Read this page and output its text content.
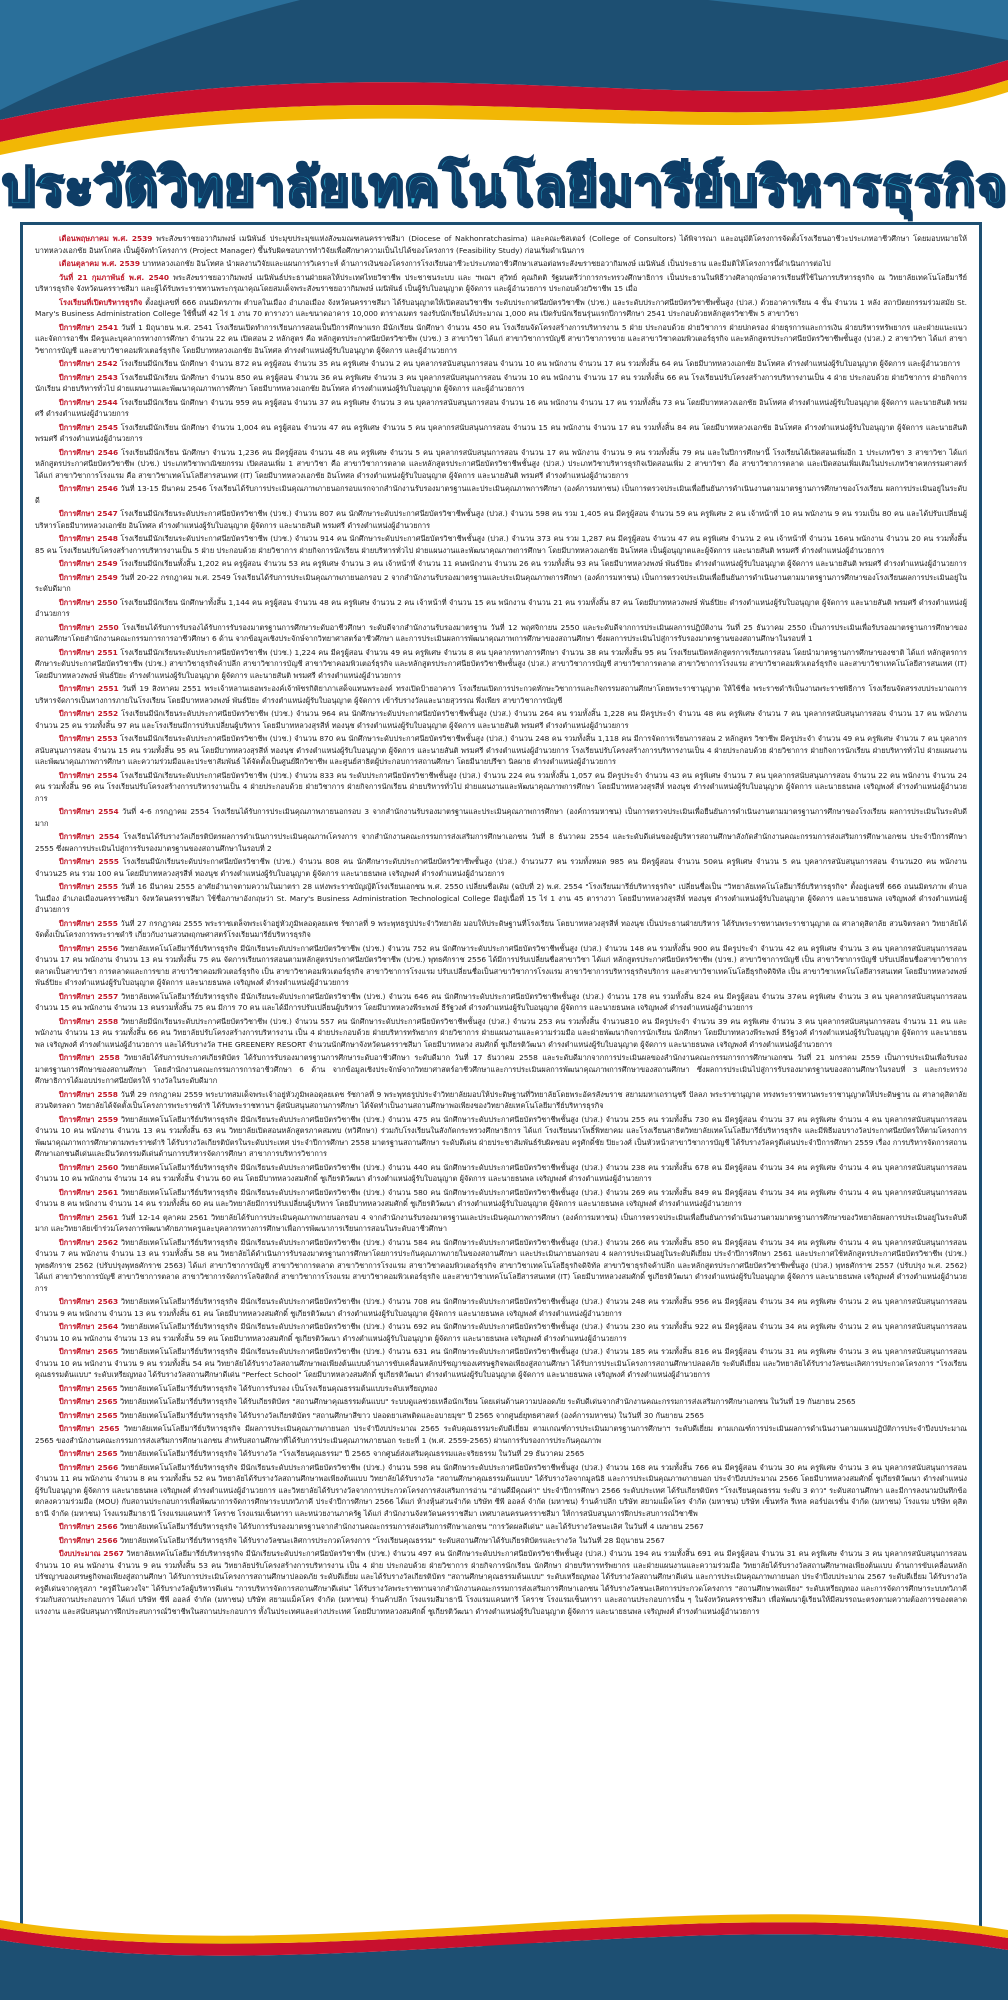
ประวัติวิทยาลัยเทคโนโลยีมารีย์บริหารธุรกิจ

เดือนพฤษภาคม พ.ศ. 2539 พระสังฆราชยอวากิมพงษ์ เมนิพันธ์ ประมุขประมุขแห่งสังฆมณฑลนครราชสีมา (Diocese of Nakhonratchasima) และคณะซิสเตอร์ (College of Consultors) ได้พิจารณา และอนุมัติโครงการจัดตั้งโรงเรียนอาชีวะประเภทอาชีวศึกษา โดยมอบหมายให้บาทหลวงเอกชัย อินทโกศล เป็นผู้จัดทำโครงการ (Project Manager) ขึ้นรับผิดชอบการทำวิจัยเพื่อศึกษาความเป็นไปได้ของโครงการ (Feasibility Study) ก่อนเริ่มดำเนินการ

เดือนตุลาคม พ.ศ. 2539 บาทหลวงเอกชัย อินโทศล นำผลงานวิจัยและแผนการวิเคราะห์ ด้านการเงินของโครงการโรงเรียนอาชีวะประเภทอาชีวศึกษาเสนอต่อพระสังฆราชยอวากิมพงษ์ เมนิพันธ์ เป็นประธาน และมีมติให้โครงการนี้ดำเนินการต่อไป

วันที่ 21 กุมภาพันธ์ พ.ศ. 2540 พระสังฆราชยอวากิมพงษ์ เมนิพันธ์ประธานฝ่ายผลให้ประเทศไทยวิชาชีพ ประชาชนระบบ และ ฯพณฯ สุวิทย์ คุณกิตติ รัฐมนตรีว่าการกระทรวงศึกษาธิการ เป็นประธานในพิธีวางศิลาฤกษ์อาคารเรียนที่ใช้ในการบริหารธุรกิจ ณ วิทยาลัยเทคโนโลยีมารีย์บริหารธุรกิจ จังหวัดนครราชสีมา และผู้ได้รับพระราชทานพระกรุณาคุณโดยสมเด็จพระสังฆราชยอวากิมพงษ์ เมนิพันธ์ เป็นผู้รับใบอนุญาต ผู้จัดการ และผู้อำนวยการ ประกอบด้วยวิชาชีพ 15 เมื่อ

โรงเรียนที่เปิดบริหารธุรกิจ ตั้งอยู่เลขที่ 666 ถนนมิตรภาพ ตำบลในเมือง อำเภอเมือง จังหวัดนครราชสีมา ได้รับอนุญาตให้เปิดสอนวิชาชีพ ระดับประกาศนียบัตรวิชาชีพ (ปวช.) และระดับประกาศนียบัตรวิชาชีพชั้นสูง (ปวส.) ด้วยอาคารเรียน 4 ชั้น จำนวน 1 หลัง สถาปัตยกรรมร่วมสมัย St. Mary's Business Administration College ใช้พื้นที่ 42 ไร่ 1 งาน 70 ตารางวา และขนาดอาคาร 10,000 ตารางเมตร รองรับนักเรียนได้ประมาณ 1,000 คน เปิดรับนักเรียนรุ่นแรกปีการศึกษา 2541 ประกอบด้วยหลักสูตรวิชาชีพ 5 สาขาวิชา

ปีการศึกษา 2541 วันที่ 1 มิถุนายน พ.ศ. 2541 โรงเรียนเปิดทำการเรียนการสอนเป็นปีการศึกษาแรก มีนักเรียน นักศึกษา จำนวน 450 คน โรงเรียนจัดโครงสร้างการบริหารงาน 5 ฝ่าย ประกอบด้วย ฝ่ายวิชาการ ฝ่ายปกครอง ฝ่ายธุรการและการเงิน ฝ่ายบริหารทรัพยากร และฝ่ายแนะแนวและจัดการอาชีพ มีครูและบุคลากรทางการศึกษา จำนวน 22 คน เปิดสอน 2 หลักสูตร คือ หลักสูตรประกาศนียบัตรวิชาชีพ (ปวช.) 3 สาขาวิชา ได้แก่ สาขาวิชาการบัญชี สาขาวิชาการขาย และสาขาวิชาคอมพิวเตอร์ธุรกิจ และหลักสูตรประกาศนียบัตรวิชาชีพชั้นสูง (ปวส.) 2 สาขาวิชา ได้แก่ สาขาวิชาการบัญชี และสาขาวิชาคอมพิวเตอร์ธุรกิจ โดยมีบาทหลวงเอกชัย อินโทศล ดำรงตำแหน่งผู้รับใบอนุญาต ผู้จัดการ และผู้อำนวยการ

ปีการศึกษา 2542 โรงเรียนมีนักเรียน นักศึกษา จำนวน 872 คน ครูผู้สอน จำนวน 35 คน ครูพิเศษ จำนวน 2 คน บุคลากรสนับสนุนการสอน จำนวน 10 คน พนักงาน จำนวน 17 คน รวมทั้งสิ้น 64 คน โดยมีบาทหลวงเอกชัย อินโทศล ดำรงตำแหน่งผู้รับใบอนุญาต ผู้จัดการ และผู้อำนวยการ

ปีการศึกษา 2543 โรงเรียนมีนักเรียน นักศึกษา จำนวน 850 คน ครูผู้สอน จำนวน 36 คน ครูพิเศษ จำนวน 3 คน บุคลากรสนับสนุนการสอน จำนวน 10 คน พนักงาน จำนวน 17 คน รวมทั้งสิ้น 66 คน โรงเรียนปรับโครงสร้างการบริหารงานเป็น 4 ฝ่าย ประกอบด้วย ฝ่ายวิชาการ ฝ่ายกิจการนักเรียน ฝ่ายบริหารทั่วไป ฝ่ายแผนงานและพัฒนาคุณภาพการศึกษา โดยมีบาทหลวงเอกชัย อินโทศล ดำรงตำแหน่งผู้รับใบอนุญาต ผู้จัดการ และผู้อำนวยการ

ปีการศึกษา 2544 โรงเรียนมีนักเรียน นักศึกษา จำนวน 959 คน ครูผู้สอน จำนวน 37 คน ครูพิเศษ จำนวน 3 คน บุคลากรสนับสนุนการสอน จำนวน 16 คน พนักงาน จำนวน 17 คน รวมทั้งสิ้น 73 คน โดยมีบาทหลวงเอกชัย อินโทศล ดำรงตำแหน่งผู้รับใบอนุญาต ผู้จัดการ และนายสันติ พรมศรี ดำรงตำแหน่งผู้อำนวยการ

ปีการศึกษา 2545 โรงเรียนมีนักเรียน นักศึกษา จำนวน 1,004 คน ครูผู้สอน จำนวน 47 คน ครูพิเศษ จำนวน 5 คน บุคลากรสนับสนุนการสอน จำนวน 15 คน พนักงาน จำนวน 17 คน รวมทั้งสิ้น 84 คน โดยมีบาทหลวงเอกชัย อินโทศล ดำรงตำแหน่งผู้รับใบอนุญาต ผู้จัดการ และนายสันติ พรมศรี ดำรงตำแหน่งผู้อำนวยการ

ปีการศึกษา 2546 โรงเรียนมีนักเรียน นักศึกษา จำนวน 1,236 คน มีครูผู้สอน จำนวน 48 คน ครูพิเศษ จำนวน 5 คน บุคลากรสนับสนุนการสอน จำนวน 17 คน พนักงาน จำนวน 9 คน รวมทั้งสิ้น 79 คน และในปีการศึกษานี้ โรงเรียนได้เปิดสอนเพิ่มอีก 1 ประเภทวิชา 3 สาขาวิชา ได้แก่ หลักสูตรประกาศนียบัตรวิชาชีพ (ปวช.) ประเภทวิชาพาณิชยกรรม เปิดสอนเพิ่ม 1 สาขาวิชา คือ สาขาวิชาการตลาด และหลักสูตรประกาศนียบัตรวิชาชีพชั้นสูง (ปวส.) ประเภทวิชาบริหารธุรกิจเปิดสอนเพิ่ม 2 สาขาวิชา คือ สาขาวิชาการตลาด และเปิดสอนเพิ่มเติมในประเภทวิชาคหกรรมศาสตร์ ได้แก่ สาขาวิชาการโรงแรม คือ สาขาวิชาเทคโนโลยีสารสนเทศ (IT) โดยมีบาทหลวงเอกชัย อินโทศล ดำรงตำแหน่งผู้รับใบอนุญาต ผู้จัดการ และนายสันติ พรมศรี ดำรงตำแหน่งผู้อำนวยการ

ปีการศึกษา 2546 วันที่ 13-15 มีนาคม 2546 โรงเรียนได้รับการประเมินคุณภาพภายนอกรอบแรกจากสำนักงานรับรองมาตรฐานและประเมินคุณภาพการศึกษา (องค์การมหาชน) เป็นการตรวจประเมินเพื่อยืนยันการดำเนินงานตามมาตรฐานการศึกษาของโรงเรียน ผลการประเมินอยู่ในระดับดี

ปีการศึกษา 2547 โรงเรียนมีนักเรียนระดับประกาศนียบัตรวิชาชีพ (ปวช.) จำนวน 807 คน นักศึกษาระดับประกาศนียบัตรวิชาชีพชั้นสูง (ปวส.) จำนวน 598 คน รวม 1,405 คน มีครูผู้สอน จำนวน 59 คน ครูพิเศษ 2 คน เจ้าหน้าที่ 10 คน พนักงาน 9 คน รวมเป็น 80 คน และได้ปรับเปลี่ยนผู้บริหารโดยมีบาทหลวงเอกชัย อินโทศล ดำรงตำแหน่งผู้รับใบอนุญาต ผู้จัดการ และนายสันติ พรมศรี ดำรงตำแหน่งผู้อำนวยการ

ปีการศึกษา 2548 โรงเรียนมีนักเรียนระดับประกาศนียบัตรวิชาชีพ (ปวช.) จำนวน 914 คน นักศึกษาระดับประกาศนียบัตรวิชาชีพชั้นสูง (ปวส.) จำนวน 373 คน รวม 1,287 คน มีครูผู้สอน จำนวน 47 คน ครูพิเศษ จำนวน 2 คน เจ้าหน้าที่ จำนวน 16คน พนักงาน จำนวน 20 คน รวมทั้งสิ้น 85 คน โรงเรียนปรับโครงสร้างการบริหารงานเป็น 5 ฝ่าย ประกอบด้วย ฝ่ายวิชาการ ฝ่ายกิจการนักเรียน ฝ่ายบริหารทั่วไป ฝ่ายแผนงานและพัฒนาคุณภาพการศึกษา โดยมีบาทหลวงเอกชัย อินโทศล เป็นผู้อนุญาตและผู้จัดการ และนายสันติ พรมศรี ดำรงตำแหน่งผู้อำนวยการ

ปีการศึกษา 2549 โรงเรียนมีนักเรียนทั้งสิ้น 1,202 คน ครูผู้สอน จำนวน 53 คน ครูพิเศษ จำนวน 3 คน เจ้าหน้าที่ จำนวน 11 คนพนักงาน จำนวน 26 คน รวมทั้งสิ้น 93 คน โดยมีบาทหลวงพงษ์ พันธ์ปิยะ ดำรงตำแหน่งผู้รับใบอนุญาต ผู้จัดการ และนายสันติ พรมศรี ดำรงตำแหน่งผู้อำนวยการ

ปีการศึกษา 2549 วันที่ 20-22 กรกฎาคม พ.ศ. 2549 โรงเรียนได้รับการประเมินคุณภาพภายนอกรอบ 2 จากสำนักงานรับรองมาตรฐานและประเมินคุณภาพการศึกษา (องค์การมหาชน) เป็นการตรวจประเมินเพื่อยืนยันการดำเนินงานตามมาตรฐานการศึกษาของโรงเรียนผลการประเมินอยู่ในระดับดีมาก

ปีการศึกษา 2550 โรงเรียนมีนักเรียน นักศึกษาทั้งสิ้น 1,144 คน ครูผู้สอน จำนวน 48 คน ครูพิเศษ จำนวน 2 คน เจ้าหน้าที่ จำนวน 15 คน พนักงาน จำนวน 21 คน รวมทั้งสิ้น 87 คน โดยมีบาทหลวงพงษ์ พันธ์ปิยะ ดำรงตำแหน่งผู้รับใบอนุญาต ผู้จัดการ และนายสันติ พรมศรี ดำรงตำแหน่งผู้อำนวยการ

ปีการศึกษา 2550 โรงเรียนได้รับการรับรองได้รับการรับรองมาตรฐานการศึกษาระดับอาชีวศึกษา ระดับดีจากสำนักงานรับรองมาตรฐาน วันที่ 12 พฤศจิกายน 2550 และระดับดีจากการประเมินผลการปฏิบัติงาน วันที่ 25 ธันวาคม 2550 เป็นการประเมินเพื่อรับรองมาตรฐานการศึกษาของสถานศึกษาโดยสำนักงานคณะกรรมการการอาชีวศึกษา 6 ด้าน จากข้อมูลเชิงประจักษ์จากวิทยาศาสตร์อาชีวศึกษา และการประเมินผลการพัฒนาคุณภาพการศึกษาของสถานศึกษา ซึ่งผลการประเมินไปสู่การรับรองมาตรฐานของสถานศึกษาในรอบที่ 1

ปีการศึกษา 2551 โรงเรียนมีนักเรียนระดับประกาศนียบัตรวิชาชีพ (ปวช.) 1,224 คน มีครูผู้สอน จำนวน 49 คน ครูพิเศษ จำนวน 8 คน บุคลากรทางการศึกษา จำนวน 38 คน รวมทั้งสิ้น 95 คน โรงเรียนเปิดหลักสูตรการเรียนการสอน โดยนำมาตรฐานการศึกษาของชาติ ได้แก่ หลักสูตรการศึกษาระดับประกาศนียบัตรวิชาชีพ (ปวช.) สาขาวิชาธุรกิจค้าปลีก สาขาวิชาการบัญชี สาขาวิชาคอมพิวเตอร์ธุรกิจ และหลักสูตรประกาศนียบัตรวิชาชีพชั้นสูง (ปวส.) สาขาวิชาการบัญชี สาขาวิชาการตลาด สาขาวิชาการโรงแรม สาขาวิชาคอมพิวเตอร์ธุรกิจ และสาขาวิชาเทคโนโลยีสารสนเทศ (IT) โดยมีบาทหลวงพงษ์ พันธ์ปิยะ ดำรงตำแหน่งผู้รับใบอนุญาต ผู้จัดการ และนายสันติ พรมศรี ดำรงตำแหน่งผู้อำนวยการ

ปีการศึกษา 2551 วันที่ 19 สิงหาคม 2551 พระเจ้าหลานเธอพระองค์เจ้าพัชรกิติยาภาเสด็จแทนพระองค์ ทรงเปิดป้ายอาคาร โรงเรียนเปิดการประกวดทักษะวิชาการและกิจกรรมสถานศึกษาโดยพระราชานุญาต ให้ใช้ชื่อ พระราชดำริเป็นงานพระราชพิธีการ โรงเรียนจัดสรรงบประมาณการบริหารจัดการเป็นทางการภายในโรงเรียน โดยมีบาทหลวงพงษ์ พันธ์ปิยะ ดำรงตำแหน่งผู้รับใบอนุญาต ผู้จัดการ เข้ารับรางวัลและนายสุวรรณ พึ่งเพียร สาขาวิชาการบัญชี

ปีการศึกษา 2552 โรงเรียนมีนักเรียนระดับประกาศนียบัตรวิชาชีพ (ปวช.) จำนวน 964 คน นักศึกษาระดับประกาศนียบัตรวิชาชีพชั้นสูง (ปวส.) จำนวน 264 คน รวมทั้งสิ้น 1,228 คน มีครูประจำ จำนวน 48 คน ครูพิเศษ จำนวน 7 คน บุคลากรสนับสนุนการสอน จำนวน 17 คน พนักงาน จำนวน 25 คน รวมทั้งสิ้น 97 คน และโรงเรียนมีการปรับเปลี่ยนผู้บริหาร โดยมีบาทหลวงสุรสีห์ ทองนุช ดำรงตำแหน่งผู้รับใบอนุญาต ผู้จัดการ และนายสันติ พรมศรี ดำรงตำแหน่งผู้อำนวยการ

ปีการศึกษา 2553 โรงเรียนมีนักเรียนระดับประกาศนียบัตรวิชาชีพ (ปวช.) จำนวน 870 คน นักศึกษาระดับประกาศนียบัตรวิชาชีพชั้นสูง (ปวส.) จำนวน 248 คน รวมทั้งสิ้น 1,118 คน มีการจัดการเรียนการสอน 2 หลักสูตร วิชาชีพ มีครูประจำ จำนวน 49 คน ครูพิเศษ จำนวน 7 คน บุคลากรสนับสนุนการสอน จำนวน 15 คน รวมทั้งสิ้น 95 คน โดยมีบาทหลวงสุรสีห์ ทองนุช ดำรงตำแหน่งผู้รับใบอนุญาต ผู้จัดการ และนายสันติ พรมศรี ดำรงตำแหน่งผู้อำนวยการ โรงเรียนปรับโครงสร้างการบริหารงานเป็น 4 ฝ่ายประกอบด้วย ฝ่ายวิชาการ ฝ่ายกิจการนักเรียน ฝ่ายบริหารทั่วไป ฝ่ายแผนงานและพัฒนาคุณภาพการศึกษา และความร่วมมือและประชาสัมพันธ์ ได้จัดตั้งเป็นศูนย์ฝึกวิชาชีพ และศูนย์สาธิตผู้ประกอบการสถานศึกษา โดยมีนายปรีชา นิลผาย ดำรงตำแหน่งผู้อำนวยการ

ปีการศึกษา 2554 โรงเรียนมีนักเรียนระดับประกาศนียบัตรวิชาชีพ (ปวช.) จำนวน 833 คน ระดับประกาศนียบัตรวิชาชีพชั้นสูง (ปวส.) จำนวน 224 คน รวมทั้งสิ้น 1,057 คน มีครูประจำ จำนวน 43 คน ครูพิเศษ จำนวน 7 คน บุคลากรสนับสนุนการสอน จำนวน 22 คน พนักงาน จำนวน 24 คน รวมทั้งสิ้น 96 คน โรงเรียนปรับโครงสร้างการบริหารงานเป็น 4 ฝ่ายประกอบด้วย ฝ่ายวิชาการ ฝ่ายกิจการนักเรียน ฝ่ายบริหารทั่วไป ฝ่ายแผนงานและพัฒนาคุณภาพการศึกษา โดยมีบาทหลวงสุรสีห์ ทองนุช ดำรงตำแหน่งผู้รับใบอนุญาต ผู้จัดการ และนายธนพล เจริญพงศ์ ดำรงตำแหน่งผู้อำนวยการ

ปีการศึกษา 2554 วันที่ 4-6 กรกฎาคม 2554 โรงเรียนได้รับการประเมินคุณภาพภายนอกรอบ 3 จากสำนักงานรับรองมาตรฐานและประเมินคุณภาพการศึกษา (องค์การมหาชน) เป็นการตรวจประเมินเพื่อยืนยันการดำเนินงานตามมาตรฐานการศึกษาของโรงเรียน ผลการประเมินในระดับดีมาก

ปีการศึกษา 2554 โรงเรียนได้รับรางวัลเกียรติบัตรผลการดำเนินการประเมินคุณภาพโครงการ จากสำนักงานคณะกรรมการส่งเสริมการศึกษาเอกชน วันที่ 8 ธันวาคม 2554 และระดับดีเด่นของผู้บริหารสถานศึกษาสังกัดสำนักงานคณะกรรมการส่งเสริมการศึกษาเอกชน ประจำปีการศึกษา 2555 ซึ่งผลการประเมินไปสู่การรับรองมาตรฐานของสถานศึกษาในรอบที่ 2

ปีการศึกษา 2555 โรงเรียนมีนักเรียนระดับประกาศนียบัตรวิชาชีพ (ปวช.) จำนวน 808 คน นักศึกษาระดับประกาศนียบัตรวิชาชีพชั้นสูง (ปวส.) จำนวน77 คน รวมทั้งหมด 985 คน มีครูผู้สอน จำนวน 50คน ครูพิเศษ จำนวน 5 คน บุคลากรสนับสนุนการสอน จำนวน20 คน พนักงาน จำนวน25 คน รวม 100 คน โดยมีบาทหลวงสุรสีห์ ทองนุช ดำรงตำแหน่งผู้รับใบอนุญาต ผู้จัดการ และนายธนพล เจริญพงศ์ ดำรงตำแหน่งผู้อำนวยการ

ปีการศึกษา 2555 วันที่ 16 มีนาคม 2555 อาศัยอำนาจตามความในมาตรา 28 แห่งพระราชบัญญัติโรงเรียนเอกชน พ.ศ. 2550 เปลี่ยนชื่อเดิม (ฉบับที่ 2) พ.ศ. 2554 "โรงเรียนมารีย์บริหารธุรกิจ" เปลี่ยนชื่อเป็น "วิทยาลัยเทคโนโลยีมารีย์บริหารธุรกิจ" ตั้งอยู่เลขที่ 666 ถนนมิตรภาพ ตำบลในเมือง อำเภอเมืองนครราชสีมา จังหวัดนครราชสีมา ใช้ชื่อภาษาอังกฤษว่า St. Mary's Business Administration Technological College มีอยู่เนื้อที่ 15 ไร่ 1 งาน 45 ตารางวา โดยมีบาทหลวงสุรสีห์ ทองนุช ดำรงตำแหน่งผู้รับใบอนุญาต ผู้จัดการ และนายธนพล เจริญพงศ์ ดำรงตำแหน่งผู้อำนวยการ

ปีการศึกษา 2555 วันที่ 27 กรกฎาคม 2555 พระราชเตล็จพระเจ้าอยู่หัวภูมิพลอดุลยเดช รัชกาลที่ 9 พระพุทธรูปประจำวิทยาลัย มอบให้ประดิษฐานที่โรงเรียน โดยบาทหลวงสุรสีห์ ทองนุช เป็นประธานฝ่ายบริหาร ได้รับพระราชทานพระราชานุญาต ณ ศาลาดุสิดาลัย สวนจิตรลดา วิทยาลัยได้จัดตั้งเป็นโครงการพระราชดำริ เกี่ยวกับงานสวนพฤกษศาสตร์โรงเรียนมารีย์บริหารธุรกิจ

ปีการศึกษา 2556 วิทยาลัยเทคโนโลยีมารีย์บริหารธุรกิจ มีนักเรียนระดับประกาศนียบัตรวิชาชีพ (ปวช.) จำนวน 752 คน นักศึกษาระดับประกาศนียบัตรวิชาชีพชั้นสูง (ปวส.) จำนวน 148 คน รวมทั้งสิ้น 900 คน มีครูประจำ จำนวน 42 คน ครูพิเศษ จำนวน 3 คน บุคลากรสนับสนุนการสอน จำนวน 17 คน พนักงาน จำนวน 13 คน รวมทั้งสิ้น 75 คน จัดการเรียนการสอนตามหลักสูตรประกาศนียบัตรวิชาชีพ (ปวช.) พุทธศักราช 2556 ได้มีการปรับเปลี่ยนชื่อสาขาวิชา ได้แก่ หลักสูตรประกาศนียบัตรวิชาชีพ (ปวช.) สาขาวิชาการบัญชี เป็น สาขาวิชาการบัญชี ปรับเปลี่ยนชื่อสาขาวิชาการตลาดเป็นสาขาวิชา การตลาดและการขาย สาขาวิชาคอมพิวเตอร์ธุรกิจ เป็น สาขาวิชาคอมพิวเตอร์ธุรกิจ สาขาวิชาการโรงแรม ปรับเปลี่ยนชื่อเป็นสาขาวิชาการโรงแรม สาขาวิชาการบริหารธุรกิจบริการ และสาขาวิชาเทคโนโลยีธุรกิจดิจิทัล เป็น สาขาวิชาเทคโนโลยีสารสนเทศ โดยมีบาทหลวงพงษ์ พันธ์ปิยะ ดำรงตำแหน่งผู้รับใบอนุญาต ผู้จัดการ และนายธนพล เจริญพงศ์ ดำรงตำแหน่งผู้อำนวยการ

ปีการศึกษา 2557 วิทยาลัยเทคโนโลยีมารีย์บริหารธุรกิจ มีนักเรียนระดับประกาศนียบัตรวิชาชีพ (ปวช.) จำนวน 646 คน นักศึกษาระดับประกาศนียบัตรวิชาชีพชั้นสูง (ปวส.) จำนวน 178 คน รวมทั้งสิ้น 824 คน มีครูผู้สอน จำนวน 37คน ครูพิเศษ จำนวน 3 คน บุคลากรสนับสนุนการสอน จำนวน 15 คน พนักงาน จำนวน 13 คนรวมทั้งสิ้น 75 คน มีการ 70 คน และได้มีการปรับเปลี่ยนผู้บริหาร โดยมีบาทหลวงพีระพงษ์ ธีรัฐวงศ์ ดำรงตำแหน่งผู้รับใบอนุญาต ผู้จัดการ และนายธนพล เจริญพงศ์ ดำรงตำแหน่งผู้อำนวยการ

ปีการศึกษา 2558 วิทยาลัยมีนักเรียนระดับประกาศนียบัตรวิชาชีพ (ปวช.) จำนวน 557 คน นักศึกษาระดับประกาศนียบัตรวิชาชีพชั้นสูง (ปวส.) จำนวน 253 คน รวมทั้งสิ้น จำนวน810 คน มีครูประจำ จำนวน 39 คน ครูพิเศษ จำนวน 3 คน บุคลากรสนับสนุนการสอน จำนวน 11 คน และพนักงาน จำนวน 13 คน รวมทั้งสิ้น 66 คน วิทยาลัยปรับโครงสร้างการบริหารงาน เป็น 4 ฝ่ายประกอบด้วย ฝ่ายบริหารทรัพยากร ฝ่ายวิชาการ ฝ่ายแผนงานและความร่วมมือ และฝ่ายพัฒนากิจการนักเรียน นักศึกษา โดยมีบาทหลวงพีระพงษ์ ธีรัฐวงศ์ ดำรงตำแหน่งผู้รับใบอนุญาต ผู้จัดการ และนายธนพล เจริญพงศ์ ดำรงตำแหน่งผู้อำนวยการ และได้รับรางวัล THE GREENERY RESORT จำนวนนักศึกษาจังหวัดนครราชสีมา โดยมีบาทหลวง สมศักดิ์ ชูเกียรติวัฒนา ดำรงตำแหน่งผู้รับใบอนุญาต ผู้จัดการ และนายธนพล เจริญพงศ์ ดำรงตำแหน่งผู้อำนวยการ

ปีการศึกษา 2558 วิทยาลัยได้รับการประกาศเกียรติบัตร ได้รับการรับรองมาตรฐานการศึกษาระดับอาชีวศึกษา ระดับดีมาก วันที่ 17 ธันวาคม 2558 และระดับดีมากจากการประเมินผลของสำนักงานคณะกรรมการการศึกษาเอกชน วันที่ 21 มกราคม 2559 เป็นการประเมินเพื่อรับรองมาตรฐานการศึกษาของสถานศึกษา โดยสำนักงานคณะกรรมการการอาชีวศึกษา 6 ด้าน จากข้อมูลเชิงประจักษ์จากวิทยาศาสตร์อาชีวศึกษาและการประเมินผลการพัฒนาคุณภาพการศึกษาของสถานศึกษา ซึ่งผลการประเมินไปสู่การรับรองมาตรฐานของสถานศึกษาในรอบที่ 3 และกระทรวงศึกษาธิการได้มอบประกาศนียบัตรให้ รางวัลในระดับดีมาก

ปีการศึกษา 2558 วันที่ 29 กรกฎาคม 2559 พระบาทสมเด็จพระเจ้าอยู่หัวภูมิพลอดุลยเดช รัชกาลที่ 9 พระพุทธรูปประจำวิทยาลัยมอบให้ประดิษฐานที่วิทยาลัยโดยพระอัครสังฆราช สยามมหาเถรานุชรี ปัลลภ พระราชานุญาต ทรงพระราชทานพระราชานุญาตให้ประดิษฐาน ณ ศาลาดุสิดาลัย สวนจิตรลดา วิทยาลัยได้จัดตั้งเป็นโครงการพระราชดำริ ได้รับพระราชทานฯ ผู้สนับสนุนสถานการศึกษา ได้จัดทำเป็นงานสถานศึกษาพอเพียงของวิทยาลัยเทคโนโลยีมารีย์บริหารธุรกิจ

ปีการศึกษา 2559 วิทยาลัยเทคโนโลยีมารีย์บริหารธุรกิจ มีนักเรียนระดับประกาศนียบัตรวิชาชีพ (ปวช.) จำนวน 475 คน นักศึกษาระดับประกาศนียบัตรวิชาชีพชั้นสูง (ปวส.) จำนวน 255 คน รวมทั้งสิ้น 730 คน มีครูผู้สอน จำนวน 37 คน ครูพิเศษ จำนวน 4 คน บุคลากรสนับสนุนการสอน จำนวน 10 คน พนักงาน จำนวน 13 คน รวมทั้งสิ้น 63 คน วิทยาลัยเปิดสอนหลักสูตรภาคสมทบ (ทวิศึกษา) ร่วมกับโรงเรียนในสังกัดกระทรวงศึกษาธิการ ได้แก่ โรงเรียนนาโพธิ์พิทยาคม และโรงเรียนสาธิตวิทยาลัยเทคโนโลยีมารีย์บริหารธุรกิจ และมีพิธีมอบรางวัลประกาศนียบัตรให้ตามโครงการพัฒนาคุณภาพการศึกษาตามพระราชดำริ ได้รับรางวัลเกียรติบัตรในระดับประเทศ ประจำปีการศึกษา 2558 มาตรฐานสถานศึกษา ระดับดีเด่น ฝ่ายประชาสัมพันธ์รับผิดชอบ ครูศักดิ์ชัย ปิยะวงศ์ เป็นหัวหน้าสาขาวิชาการบัญชี ได้รับรางวัลครูดีเด่นประจำปีการศึกษา 2559 เรื่อง การบริหารจัดการสถานศึกษาเอกชนดีเด่นและมีนวัตกรรมดีเด่นด้านการบริหารจัดการศึกษา สาขาการบริหารวิชาการ

ปีการศึกษา 2560 วิทยาลัยเทคโนโลยีมารีย์บริหารธุรกิจ มีนักเรียนระดับประกาศนียบัตรวิชาชีพ (ปวช.) จำนวน 440 คน นักศึกษาระดับประกาศนียบัตรวิชาชีพชั้นสูง (ปวส.) จำนวน 238 คน รวมทั้งสิ้น 678 คน มีครูผู้สอน จำนวน 34 คน ครูพิเศษ จำนวน 4 คน บุคลากรสนับสนุนการสอน จำนวน 10 คน พนักงาน จำนวน 14 คน รวมทั้งสิ้น จำนวน 60 คน โดยมีบาทหลวงสมศักดิ์ ชูเกียรติวัฒนา ดำรงตำแหน่งผู้รับใบอนุญาต ผู้จัดการ และนายธนพล เจริญพงศ์ ดำรงตำแหน่งผู้อำนวยการ

ปีการศึกษา 2561 วิทยาลัยเทคโนโลยีมารีย์บริหารธุรกิจ มีนักเรียนระดับประกาศนียบัตรวิชาชีพ (ปวช.) จำนวน 580 คน นักศึกษาระดับประกาศนียบัตรวิชาชีพชั้นสูง (ปวส.) จำนวน 269 คน รวมทั้งสิ้น 849 คน มีครูผู้สอน จำนวน 34 คน ครูพิเศษ จำนวน 4 คน บุคลากรสนับสนุนการสอน จำนวน 8 คน พนักงาน จำนวน 14 คน รวมทั้งสิ้น 60 คน และวิทยาลัยมีการปรับเปลี่ยนผู้บริหาร โดยมีบาทหลวงสมศักดิ์ ชูเกียรติวัฒนา ดำรงตำแหน่งผู้รับใบอนุญาต ผู้จัดการ และนายธนพล เจริญพงศ์ ดำรงตำแหน่งผู้อำนวยการ

ปีการศึกษา 2561 วันที่ 12-14 ตุลาคม 2561 วิทยาลัยได้รับการประเมินคุณภาพภายนอกรอบ 4 จากสำนักงานรับรองมาตรฐานและประเมินคุณภาพการศึกษา (องค์การมหาชน) เป็นการตรวจประเมินเพื่อยืนยันการดำเนินงานตามมาตรฐานการศึกษาของวิทยาลัยผลการประเมินอยู่ในระดับดีมาก และวิทยาลัยเข้าร่วมโครงการพัฒนาศักยภาพครูและบุคลากรทางการศึกษาเพื่อการพัฒนาการเรียนการสอนในระดับอาชีวศึกษา

ปีการศึกษา 2562 วิทยาลัยเทคโนโลยีมารีย์บริหารธุรกิจ มีนักเรียนระดับประกาศนียบัตรวิชาชีพ (ปวช.) จำนวน 584 คน นักศึกษาระดับประกาศนียบัตรวิชาชีพชั้นสูง (ปวส.) จำนวน 266 คน รวมทั้งสิ้น 850 คน มีครูผู้สอน จำนวน 34 คน ครูพิเศษ จำนวน 4 คน บุคลากรสนับสนุนการสอน จำนวน 7 คน พนักงาน จำนวน 13 คน รวมทั้งสิ้น 58 คน วิทยาลัยได้ดำเนินการรับรองมาตรฐานการศึกษาโดยการประกันคุณภาพภายในของสถานศึกษา และประเมินภายนอกรอบ 4 ผลการประเมินอยู่ในระดับดีเยี่ยม ประจำปีการศึกษา 2561 และประกาศใช้หลักสูตรประกาศนียบัตรวิชาชีพ (ปวช.) พุทธศักราช 2562 (ปรับปรุงพุทธศักราช 2563) ได้แก่ สาขาวิชาการบัญชี สาขาวิชาการตลาด สาขาวิชาการโรงแรม สาขาวิชาคอมพิวเตอร์ธุรกิจ สาขาวิชาเทคโนโลยีธุรกิจดิจิทัล สาขาวิชาธุรกิจค้าปลีก และหลักสูตรประกาศนียบัตรวิชาชีพชั้นสูง (ปวส.) พุทธศักราช 2557 (ปรับปรุง พ.ศ. 2562) ได้แก่ สาขาวิชาการบัญชี สาขาวิชาการตลาด สาขาวิชาการจัดการโลจิสติกส์ สาขาวิชาการโรงแรม สาขาวิชาคอมพิวเตอร์ธุรกิจ และสาขาวิชาเทคโนโลยีสารสนเทศ (IT) โดยมีบาทหลวงสมศักดิ์ ชูเกียรติวัฒนา ดำรงตำแหน่งผู้รับใบอนุญาต ผู้จัดการ และนายธนพล เจริญพงศ์ ดำรงตำแหน่งผู้อำนวยการ

ปีการศึกษา 2563 วิทยาลัยเทคโนโลยีมารีย์บริหารธุรกิจ มีนักเรียนระดับประกาศนียบัตรวิชาชีพ (ปวช.) จำนวน 708 คน นักศึกษาระดับประกาศนียบัตรวิชาชีพชั้นสูง (ปวส.) จำนวน 248 คน รวมทั้งสิ้น 956 คน มีครูผู้สอน จำนวน 34 คน ครูพิเศษ จำนวน 2 คน บุคลากรสนับสนุนการสอน จำนวน 9 คน พนักงาน จำนวน 13 คน รวมทั้งสิ้น 61 คน โดยมีบาทหลวงสมศักดิ์ ชูเกียรติวัฒนา ดำรงตำแหน่งผู้รับใบอนุญาต ผู้จัดการ และนายธนพล เจริญพงศ์ ดำรงตำแหน่งผู้อำนวยการ

ปีการศึกษา 2564 วิทยาลัยเทคโนโลยีมารีย์บริหารธุรกิจ มีนักเรียนระดับประกาศนียบัตรวิชาชีพ (ปวช.) จำนวน 692 คน นักศึกษาระดับประกาศนียบัตรวิชาชีพชั้นสูง (ปวส.) จำนวน 230 คน รวมทั้งสิ้น 922 คน มีครูผู้สอน จำนวน 34 คน ครูพิเศษ จำนวน 2 คน บุคลากรสนับสนุนการสอน จำนวน 10 คน พนักงาน จำนวน 13 คน รวมทั้งสิ้น 59 คน โดยมีบาทหลวงสมศักดิ์ ชูเกียรติวัฒนา ดำรงตำแหน่งผู้รับใบอนุญาต ผู้จัดการ และนายธนพล เจริญพงศ์ ดำรงตำแหน่งผู้อำนวยการ

ปีการศึกษา 2565 วิทยาลัยเทคโนโลยีมารีย์บริหารธุรกิจ มีนักเรียนระดับประกาศนียบัตรวิชาชีพ (ปวช.) จำนวน 631 คน นักศึกษาระดับประกาศนียบัตรวิชาชีพชั้นสูง (ปวส.) จำนวน 185 คน รวมทั้งสิ้น 816 คน มีครูผู้สอน จำนวน 31 คน ครูพิเศษ จำนวน 3 คน บุคลากรสนับสนุนการสอน จำนวน 10 คน พนักงาน จำนวน 9 คน รวมทั้งสิ้น 54 คน วิทยาลัยได้รับรางวัลสถานศึกษาพอเพียงต้นแบบด้านการขับเคลื่อนหลักปรัชญาของเศรษฐกิจพอเพียงสู่สถานศึกษา ได้รับการประเมินโครงการสถานศึกษาปลอดภัย ระดับดีเยี่ยม และวิทยาลัยได้รับรางวัลชนะเลิศการประกวดโครงการ "โรงเรียนคุณธรรมต้นแบบ" ระดับเหรียญทอง ได้รับรางวัลสถานศึกษาดีเด่น "Perfect School" โดยมีบาทหลวงสมศักดิ์ ชูเกียรติวัฒนา ดำรงตำแหน่งผู้รับใบอนุญาต ผู้จัดการ และนายธนพล เจริญพงศ์ ดำรงตำแหน่งผู้อำนวยการ

ปีการศึกษา 2565 วิทยาลัยเทคโนโลยีมารีย์บริหารธุรกิจ ได้รับการรับรอง เป็นโรงเรียนคุณธรรมต้นแบบระดับเหรียญทอง

ปีการศึกษา 2565 วิทยาลัยเทคโนโลยีมารีย์บริหารธุรกิจ ได้รับเกียรติบัตร "สถานศึกษาคุณธรรมต้นแบบ" ระบบดูแลช่วยเหลือนักเรียน โดยเด่นด้านความปลอดภัย ระดับดีเด่นจากสำนักงานคณะกรรมการส่งเสริมการศึกษาเอกชน ในวันที่ 19 กันยายน 2565

ปีการศึกษา 2565 วิทยาลัยเทคโนโลยีมารีย์บริหารธุรกิจ ได้รับรางวัลเกียรติบัตร "สถานศึกษาสีขาว ปลอดยาเสพติดและอบายมุข" ปี 2565 จากศูนย์ยุทธศาสตร์ (องค์การมหาชน) ในวันที่ 30 กันยายน 2565

ปีการศึกษา 2565 วิทยาลัยเทคโนโลยีมารีย์บริหารธุรกิจ มีผลการประเมินคุณภาพภายนอก ประจำปีงบประมาณ 2565 ระดับคุณธรรมระดับดีเยี่ยม ตามเกณฑ์การประเมินมาตรฐานการศึกษาฯ ระดับดีเยี่ยม ตามเกณฑ์การประเมินผลการดำเนินงานตามแผนปฏิบัติการประจำปีงบประมาณ 2565 ของสำนักงานคณะกรรมการส่งเสริมการศึกษาเอกชน สำหรับสถานศึกษาที่ได้รับการประเมินคุณภาพภายนอก ระยะที่ 1 (พ.ศ. 2559-2565) ผ่านการรับรองการประกันคุณภาพ

ปีการศึกษา 2565 วิทยาลัยเทคโนโลยีมารีย์บริหารธุรกิจ ได้รับรางวัล "โรงเรียนคุณธรรม" ปี 2565 จากศูนย์ส่งเสริมคุณธรรมและจริยธรรม ในวันที่ 29 ธันวาคม 2565

ปีการศึกษา 2566 วิทยาลัยเทคโนโลยีมารีย์บริหารธุรกิจ มีนักเรียนระดับประกาศนียบัตรวิชาชีพ (ปวช.) จำนวน 598 คน นักศึกษาระดับประกาศนียบัตรวิชาชีพชั้นสูง (ปวส.) จำนวน 168 คน รวมทั้งสิ้น 766 คน มีครูผู้สอน จำนวน 30 คน ครูพิเศษ จำนวน 3 คน บุคลากรสนับสนุนการสอน จำนวน 11 คน พนักงาน จำนวน 8 คน รวมทั้งสิ้น 52 คน วิทยาลัยได้รับรางวัลสถานศึกษาพอเพียงต้นแบบ วิทยาลัยได้รับรางวัล "สถานศึกษาคุณธรรมต้นแบบ" ได้รับรางวัลจากมูลนิธิ และการประเมินคุณภาพภายนอก ประจำปีงบประมาณ 2566 โดยมีบาทหลวงสมศักดิ์ ชูเกียรติวัฒนา ดำรงตำแหน่งผู้รับใบอนุญาต ผู้จัดการ และนายธนพล เจริญพงศ์ ดำรงตำแหน่งผู้อำนวยการ และวิทยาลัยได้รับรางวัลจากการประกวดโครงการส่งเสริมการอ่าน "อ่านดีมีคุณค่า" ประจำปีการศึกษา 2566 ระดับประเทศ ได้รับเกียรติบัตร "โรงเรียนคุณธรรม ระดับ 3 ดาว" ระดับสถานศึกษา และมีการลงนามบันทึกข้อตกลงความร่วมมือ (MOU) กับสถานประกอบการเพื่อพัฒนาการจัดการศึกษาระบบทวิภาคี ประจำปีการศึกษา 2566 ได้แก่ ห้างหุ้นส่วนจำกัด บริษัท ซีพี ออลล์ จำกัด (มหาชน) ร้านค้าปลีก บริษัท สยามแม็คโคร จำกัด (มหาชน) บริษัท เซ็นทรัล รีเทล คอร์ปอเรชั่น จำกัด (มหาชน) โรงแรม บริษัท ดุสิตธานี จำกัด (มหาชน) โรงแรมสีมาธานี โรงแรมแคนทารี โคราช โรงแรมเซ็นทารา และหน่วยงานภาครัฐ ได้แก่ สำนักงานจังหวัดนครราชสีมา เทศบาลนครนครราชสีมา ให้การสนับสนุนการฝึกประสบการณ์วิชาชีพ

ปีการศึกษา 2566 วิทยาลัยเทคโนโลยีมารีย์บริหารธุรกิจ ได้รับการรับรองมาตรฐานจากสำนักงานคณะกรรมการส่งเสริมการศึกษาเอกชน "การวัดผลดีเด่น" และได้รับรางวัลชนะเลิศ ในวันที่ 4 เมษายน 2567

ปีการศึกษา 2566 วิทยาลัยเทคโนโลยีมารีย์บริหารธุรกิจ ได้รับรางวัลชนะเลิศการประกวดโครงการ "โรงเรียนคุณธรรม" ระดับสถานศึกษาได้รับเกียรติบัตรและรางวัล ในวันที่ 28 มิถุนายน 2567

ปีงบประมาณ 2567 วิทยาลัยเทคโนโลยีมารีย์บริหารธุรกิจ มีนักเรียนระดับประกาศนียบัตรวิชาชีพ (ปวช.) จำนวน 497 คน นักศึกษาระดับประกาศนียบัตรวิชาชีพชั้นสูง (ปวส.) จำนวน 194 คน รวมทั้งสิ้น 691 คน มีครูผู้สอน จำนวน 31 คน ครูพิเศษ จำนวน 3 คน บุคลากรสนับสนุนการสอน จำนวน 10 คน พนักงาน จำนวน 9 คน รวมทั้งสิ้น 53 คน วิทยาลัยปรับโครงสร้างการบริหารงาน เป็น 4 ฝ่าย ประกอบด้วย ฝ่ายวิชาการ ฝ่ายกิจการนักเรียน นักศึกษา ฝ่ายบริหารทรัพยากร และฝ่ายแผนงานและความร่วมมือ วิทยาลัยได้รับรางวัลสถานศึกษาพอเพียงต้นแบบ ด้านการขับเคลื่อนหลักปรัชญาของเศรษฐกิจพอเพียงสู่สถานศึกษา ได้รับการประเมินโครงการสถานศึกษาปลอดภัย ระดับดีเยี่ยม และได้รับรางวัลเกียรติบัตร "สถานศึกษาคุณธรรมต้นแบบ" ระดับเหรียญทอง ได้รับรางวัลสถานศึกษาดีเด่น และการประเมินคุณภาพภายนอก ประจำปีงบประมาณ 2567 ระดับดีเยี่ยม ได้รับรางวัลครูดีเด่นจากคุรุสภา "ครูดีในดวงใจ" ได้รับรางวัลผู้บริหารดีเด่น "การบริหารจัดการสถานศึกษาดีเด่น" ได้รับรางวัลพระราชทานจากสำนักงานคณะกรรมการส่งเสริมการศึกษาเอกชน ได้รับรางวัลชนะเลิศการประกวดโครงการ "สถานศึกษาพอเพียง" ระดับเหรียญทอง และการจัดการศึกษาระบบทวิภาคีร่วมกับสถานประกอบการ ได้แก่ บริษัท ซีพี ออลล์ จำกัด (มหาชน) บริษัท สยามแม็คโคร จำกัด (มหาชน) ร้านค้าปลีก โรงแรมสีมาธานี โรงแรมแคนทารี โคราช โรงแรมเซ็นทารา และสถานประกอบการอื่น ๆ ในจังหวัดนครราชสีมา เพื่อพัฒนาผู้เรียนให้มีสมรรถนะตรงตามความต้องการของตลาดแรงงาน และสนับสนุนการฝึกประสบการณ์วิชาชีพในสถานประกอบการ ทั้งในประเทศและต่างประเทศ โดยมีบาทหลวงสมศักดิ์ ชูเกียรติวัฒนา ดำรงตำแหน่งผู้รับใบอนุญาต ผู้จัดการ และนายธนพล เจริญพงศ์ ดำรงตำแหน่งผู้อำนวยการ
